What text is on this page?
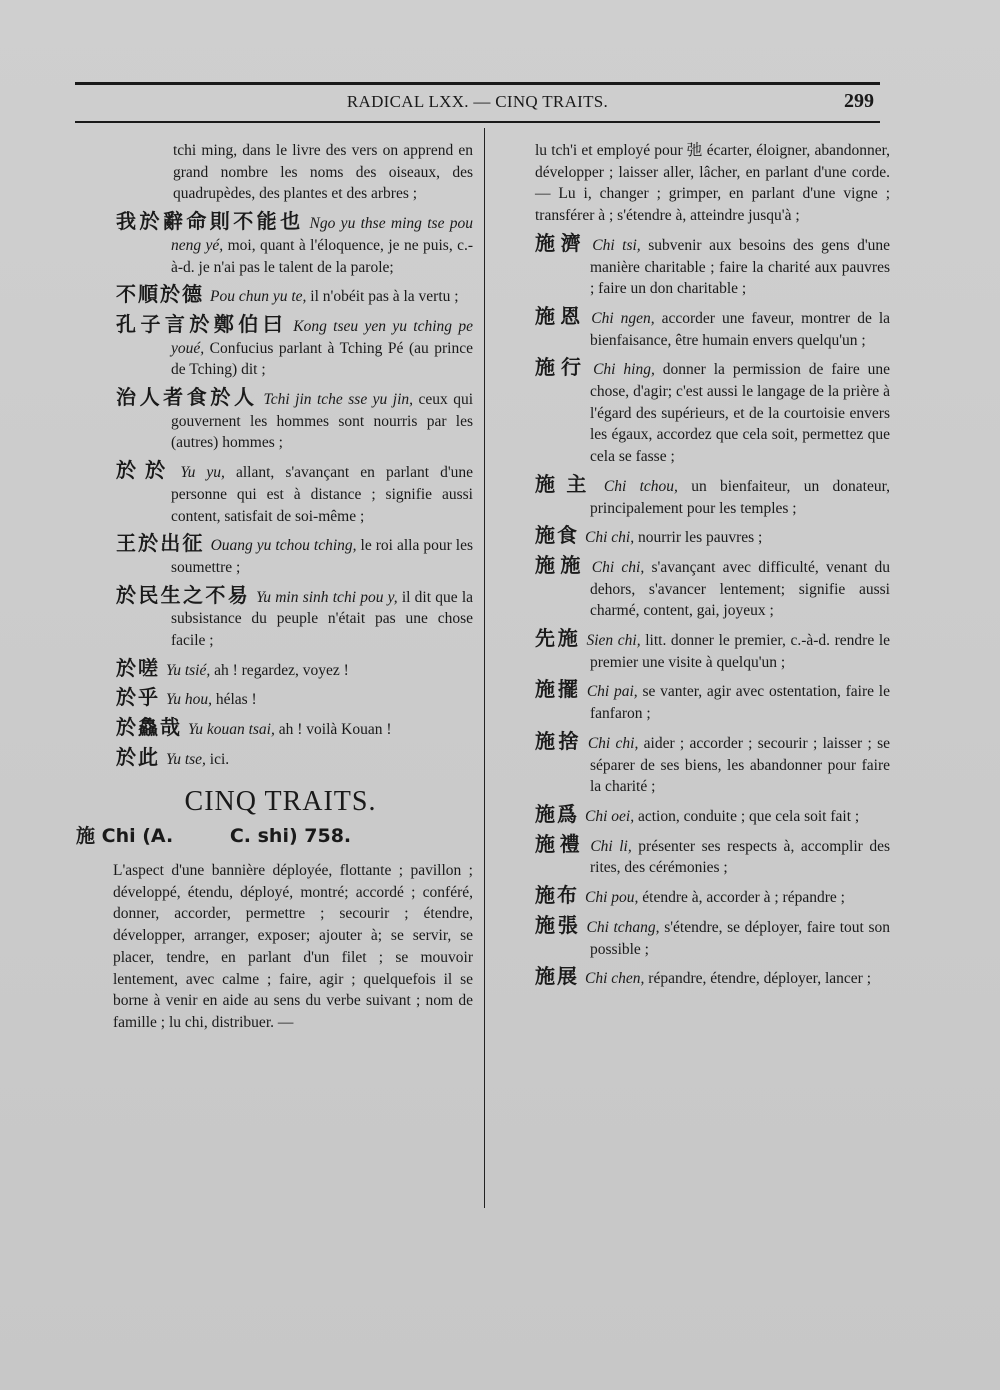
RADICAL LXX. — CINQ TRAITS.	299
tchi ming, dans le livre des vers on apprend en grand nombre les noms des oiseaux, des quadrupèdes, des plantes et des arbres ;
我於辭命則不能也 Ngo yu thse ming tse pou neng yé, moi, quant à l'éloquence, je ne puis, c.-à-d. je n'ai pas le talent de la parole;
不順於德 Pou chun yu te, il n'obéit pas à la vertu ;
孔子言於鄭伯曰 Kong tseu yen yu tching pe youé, Confucius parlant à Tching Pé (au prince de Tching) dit ;
治人者食於人 Tchi jin tche sse yu jin, ceux qui gouvernent les hommes sont nourris par les (autres) hommes ;
於於 Yu yu, allant, s'avançant en parlant d'une personne qui est à distance ; signifie aussi content, satisfait de soi-même ;
王於出征 Ouang yu tchou tching, le roi alla pour les soumettre ;
於民生之不易 Yu min sinh tchi pou y, il dit que la subsistance du peuple n'était pas une chose facile ;
於嗟 Yu tsié, ah ! regardez, voyez !
於乎 Yu hou, hélas !
於鱻哉 Yu kouan tsai, ah ! voilà Kouan !
於此 Yu tse, ici.
CINQ TRAITS.
施 Chi (A.	C. shi) 758.
L'aspect d'une bannière déployée, flottante ; pavillon ; développé, étendu, déployé, montré; accordé ; conféré, donner, accorder, permettre ; secourir ; étendre, développer, arranger, exposer; ajouter à; se servir, se placer, tendre, en parlant d'un filet ; se mouvoir lentement, avec calme ; faire, agir ; quelquefois il se borne à venir en aide au sens du verbe suivant ; nom de famille ; lu chi, distribuer. —
lu tch'i et employé pour 弛 écarter, éloigner, abandonner, développer ; laisser aller, lâcher, en parlant d'une corde. — Lu i, changer ; grimper, en parlant d'une vigne ; transférer à ; s'étendre à, atteindre jusqu'à ;
施濟 Chi tsi, subvenir aux besoins des gens d'une manière charitable ; faire la charité aux pauvres ; faire un don charitable ;
施恩 Chi ngen, accorder une faveur, montrer de la bienfaisance, être humain envers quelqu'un ;
施行 Chi hing, donner la permission de faire une chose, d'agir; c'est aussi le langage de la prière à l'égard des supérieurs, et de la courtoisie envers les égaux, accordez que cela soit, permettez que cela se fasse ;
施主 Chi tchou, un bienfaiteur, un donateur, principalement pour les temples ;
施食 Chi chi, nourrir les pauvres ;
施施 Chi chi, s'avançant avec difficulté, venant du dehors, s'avancer lentement; signifie aussi charmé, content, gai, joyeux ;
先施 Sien chi, litt. donner le premier, c.-à-d. rendre le premier une visite à quelqu'un ;
施擺 Chi pai, se vanter, agir avec ostentation, faire le fanfaron ;
施捨 Chi chi, aider ; accorder ; secourir ; laisser ; se séparer de ses biens, les abandonner pour faire la charité ;
施爲 Chi oei, action, conduite ; que cela soit fait ;
施禮 Chi li, présenter ses respects à, accomplir des rites, des cérémonies ;
施布 Chi pou, étendre à, accorder à ; répandre ;
施張 Chi tchang, s'étendre, se déployer, faire tout son possible ;
施展 Chi chen, répandre, étendre, déployer, lancer ;
